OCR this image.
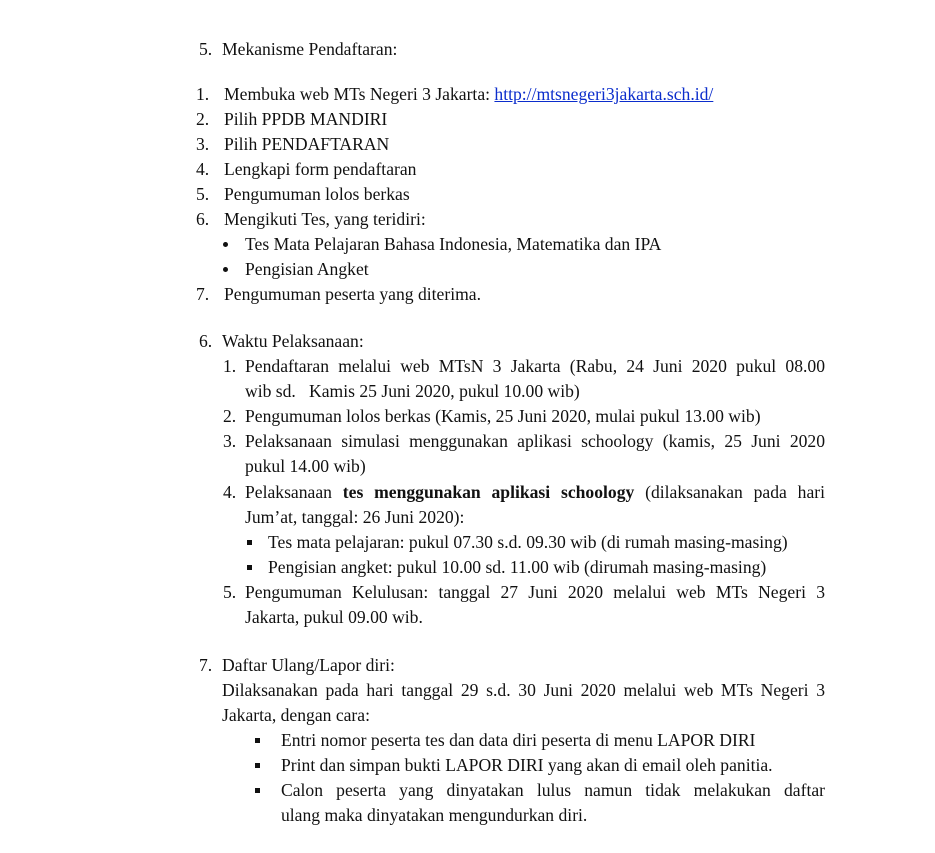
5. Mekanisme Pendaftaran:
1. Membuka web MTs Negeri 3 Jakarta: http://mtsnegeri3jakarta.sch.id/
2. Pilih PPDB MANDIRI
3. Pilih PENDAFTARAN
4. Lengkapi form pendaftaran
5. Pengumuman lolos berkas
6. Mengikuti Tes, yang teridiri:
Tes Mata Pelajaran Bahasa Indonesia, Matematika dan IPA
Pengisian Angket
7. Pengumuman peserta yang diterima.
6. Waktu Pelaksanaan:
1. Pendaftaran melalui web MTsN 3 Jakarta (Rabu, 24 Juni 2020 pukul 08.00
wib sd.   Kamis 25 Juni 2020, pukul 10.00 wib)
2. Pengumuman lolos berkas (Kamis, 25 Juni 2020, mulai pukul 13.00 wib)
3. Pelaksanaan simulasi menggunakan aplikasi schoology (kamis, 25 Juni 2020
pukul 14.00 wib)
4. Pelaksanaan tes menggunakan aplikasi schoology (dilaksanakan pada hari
Jum’at, tanggal: 26 Juni 2020):
Tes mata pelajaran: pukul 07.30 s.d. 09.30 wib (di rumah masing-masing)
Pengisian angket: pukul 10.00 sd. 11.00 wib (dirumah masing-masing)
5. Pengumuman Kelulusan: tanggal 27 Juni 2020 melalui web MTs Negeri 3
Jakarta, pukul 09.00 wib.
7. Daftar Ulang/Lapor diri:
Dilaksanakan pada hari tanggal 29 s.d. 30 Juni 2020 melalui web MTs Negeri 3
Jakarta, dengan cara:
Entri nomor peserta tes dan data diri peserta di menu LAPOR DIRI
Print dan simpan bukti LAPOR DIRI yang akan di email oleh panitia.
Calon peserta yang dinyatakan lulus namun tidak melakukan daftar
ulang maka dinyatakan mengundurkan diri.
